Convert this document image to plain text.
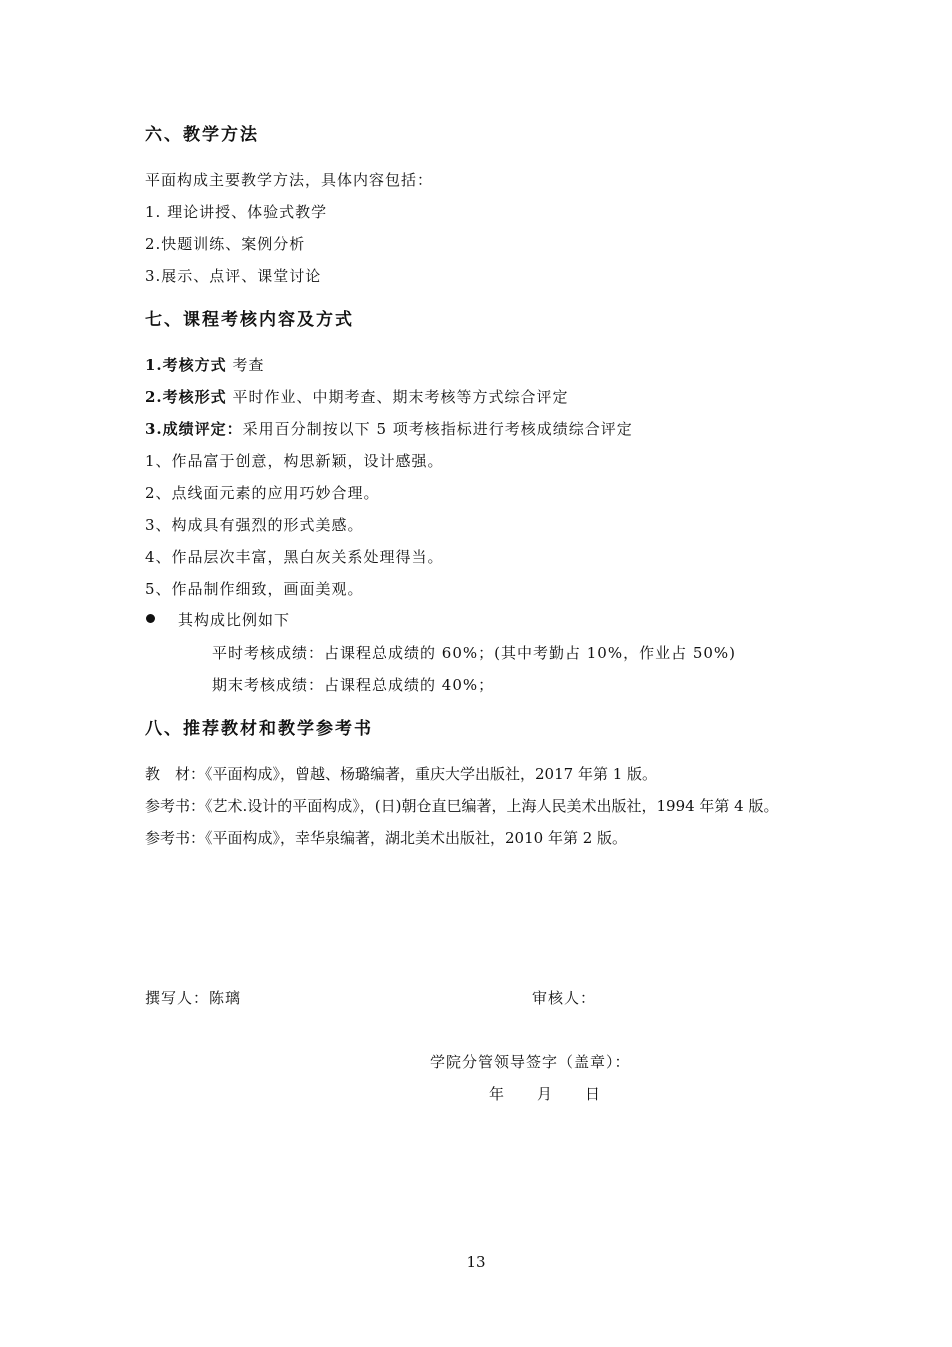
六、教学方法
平面构成主要教学方法，具体内容包括：
1. 理论讲授、体验式教学
2.快题训练、案例分析
3.展示、点评、课堂讨论
七、课程考核内容及方式
1.考核方式 考查
2.考核形式 平时作业、中期考查、期末考核等方式综合评定
3.成绩评定：采用百分制按以下 5 项考核指标进行考核成绩综合评定
1、作品富于创意，构思新颖，设计感强。
2、点线面元素的应用巧妙合理。
3、构成具有强烈的形式美感。
4、作品层次丰富，黑白灰关系处理得当。
5、作品制作细致，画面美观。
其构成比例如下
平时考核成绩：占课程总成绩的 60%；(其中考勤占 10%，作业占 50%)
期末考核成绩：占课程总成绩的 40%；
八、推荐教材和教学参考书
教　材：《平面构成》，曾越、杨璐编著，重庆大学出版社，2017 年第 1 版。
参考书：《艺术.设计的平面构成》，(日)朝仓直巳编著，上海人民美术出版社，1994 年第 4 版。
参考书：《平面构成》，幸华泉编著，湖北美术出版社，2010 年第 2 版。
撰写人：陈璃	审核人：
学院分管领导签字（盖章）：
年　　月　　日
13
